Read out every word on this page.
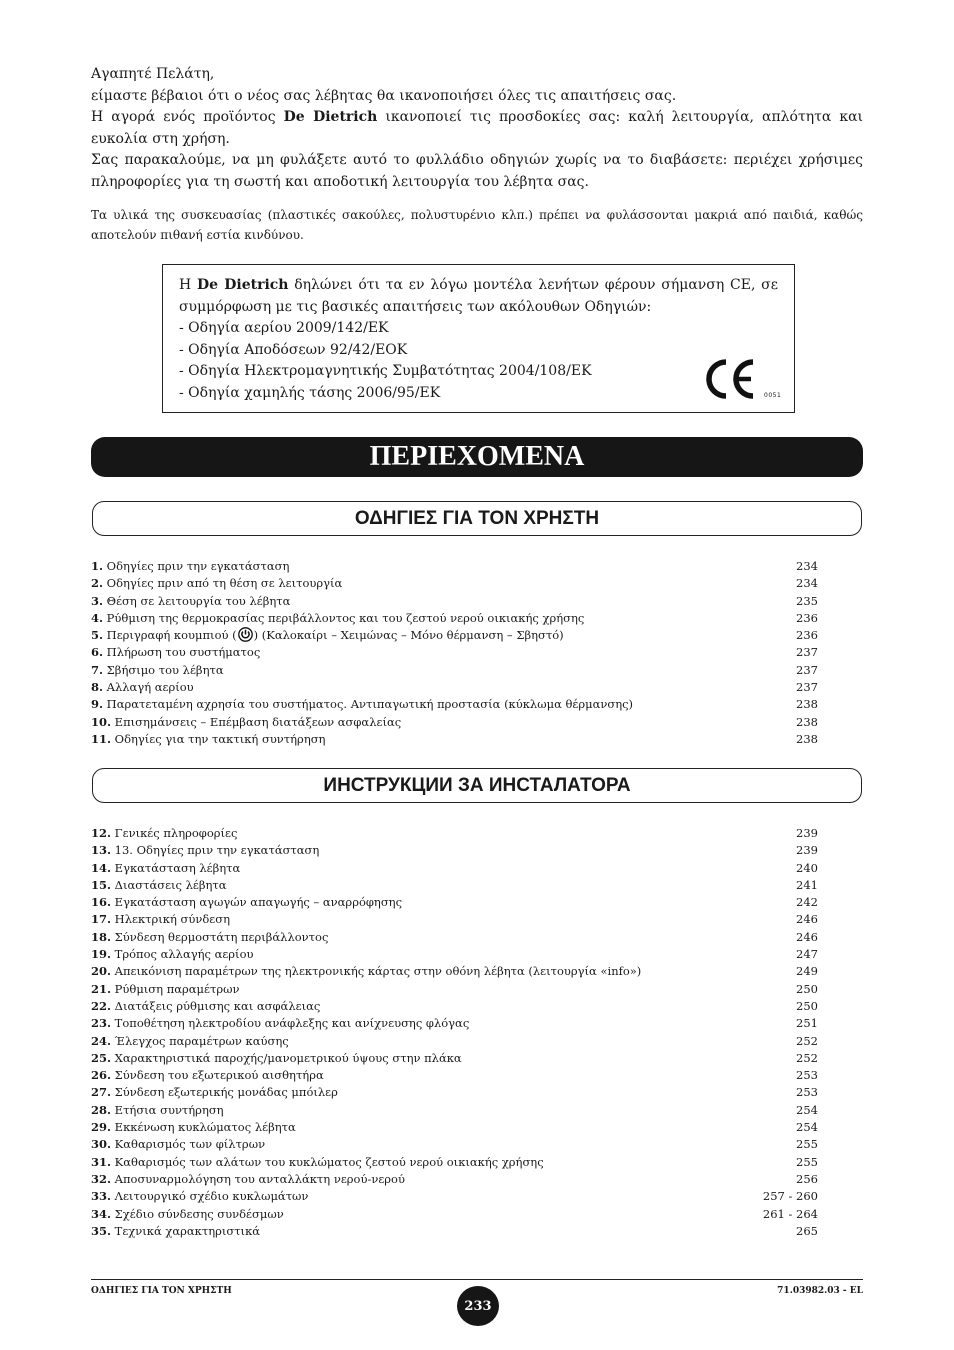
Αγαπητέ Πελάτη,

είμαστε βέβαιοι ότι ο νέος σας λέβητας θα ικανοποιήσει όλες τις απαιτήσεις σας.

Η αγορά ενός προϊόντος De Dietrich ικανοποιεί τις προσδοκίες σας: καλή λειτουργία, απλότητα και ευκολία στη χρήση.

Σας παρακαλούμε, να μη φυλάξετε αυτό το φυλλάδιο οδηγιών χωρίς να το διαβάσετε: περιέχει χρήσιμες πληροφορίες για τη σωστή και αποδοτική λειτουργία του λέβητα σας.

Τα υλικά της συσκευασίας (πλαστικές σακούλες, πολυστυρένιο κλπ.) πρέπει να φυλάσσονται μακριά από παιδιά, καθώς αποτελούν πιθανή εστία κινδύνου.
Η De Dietrich δηλώνει ότι τα εν λόγω μοντέλα λενήτων φέρουν σήμανση CE, σε συμμόρφωση με τις βασικές απαιτήσεις των ακόλουθων Οδηγιών:
- Οδηγία αερίου 2009/142/ΕΚ
- Οδηγία Αποδόσεων 92/42/ΕΟΚ
- Οδηγία Ηλεκτρομαγνητικής Συμβατότητας 2004/108/ΕΚ
- Οδηγία χαμηλής τάσης 2006/95/ΕΚ	0051
ΠΕΡΙΕΧΟΜΕΝΑ
ΟΔΗΓΙΕΣ ΓΙΑ ΤΟΝ ΧΡΗΣΤΗ
1. Οδηγίες πριν την εγκατάσταση	234
2. Οδηγίες πριν από τη θέση σε λειτουργία	234
3. Θέση σε λειτουργία του λέβητα	235
4. Ρύθμιση της θερμοκρασίας περιβάλλοντος και του ζεστού νερού οικιακής χρήσης	236
5. Περιγραφή κουμπιού ( ) (Καλοκαίρι – Χειμώνας – Μόνο θέρμανση – Σβηστό)	236
6. Πλήρωση του συστήματος	237
7. Σβήσιμο του λέβητα	237
8. Αλλαγή αερίου	237
9. Παρατεταμένη αχρησία του συστήματος. Αντιπαγωτική προστασία (κύκλωμα θέρμανσης)	238
10. Επισημάνσεις – Επέμβαση διατάξεων ασφαλείας	238
11. Οδηγίες για την τακτική συντήρηση	238
ИНСТРУКЦИИ ЗА ИНСТАЛАТОРА
12. Γενικές πληροφορίες	239
13. 13. Οδηγίες πριν την εγκατάσταση	239
14. Εγκατάσταση λέβητα	240
15. Διαστάσεις λέβητα	241
16. Εγκατάσταση αγωγών απαγωγής – αναρρόφησης	242
17. Ηλεκτρική σύνδεση	246
18. Σύνδεση θερμοστάτη περιβάλλοντος	246
19. Τρόπος αλλαγής αερίου	247
20. Απεικόνιση παραμέτρων της ηλεκτρονικής κάρτας στην οθόνη λέβητα (λειτουργία «info»)	249
21. Ρύθμιση παραμέτρων	250
22. Διατάξεις ρύθμισης και ασφάλειας	250
23. Τοποθέτηση ηλεκτροδίου ανάφλεξης και ανίχνευσης φλόγας	251
24. Έλεγχος παραμέτρων καύσης	252
25. Χαρακτηριστικά παροχής/μανομετρικού ύψους στην πλάκα	252
26. Σύνδεση του εξωτερικού αισθητήρα	253
27. Σύνδεση εξωτερικής μονάδας μπόιλερ	253
28. Ετήσια συντήρηση	254
29. Εκκένωση κυκλώματος λέβητα	254
30. Καθαρισμός των φίλτρων	255
31. Καθαρισμός των αλάτων του κυκλώματος ζεστού νερού οικιακής χρήσης	255
32. Αποσυναρμολόγηση του ανταλλάκτη νερού-νερού	256
33. Λειτουργικό σχέδιο κυκλωμάτων	257 - 260
34. Σχέδιο σύνδεσης συνδέσμων	261 - 264
35. Τεχνικά χαρακτηριστικά	265
ΟΔΗΓΙΕΣ ΓΙΑ ΤΟΝ ΧΡΗΣΤΗ
233
71.03982.03 - EL
